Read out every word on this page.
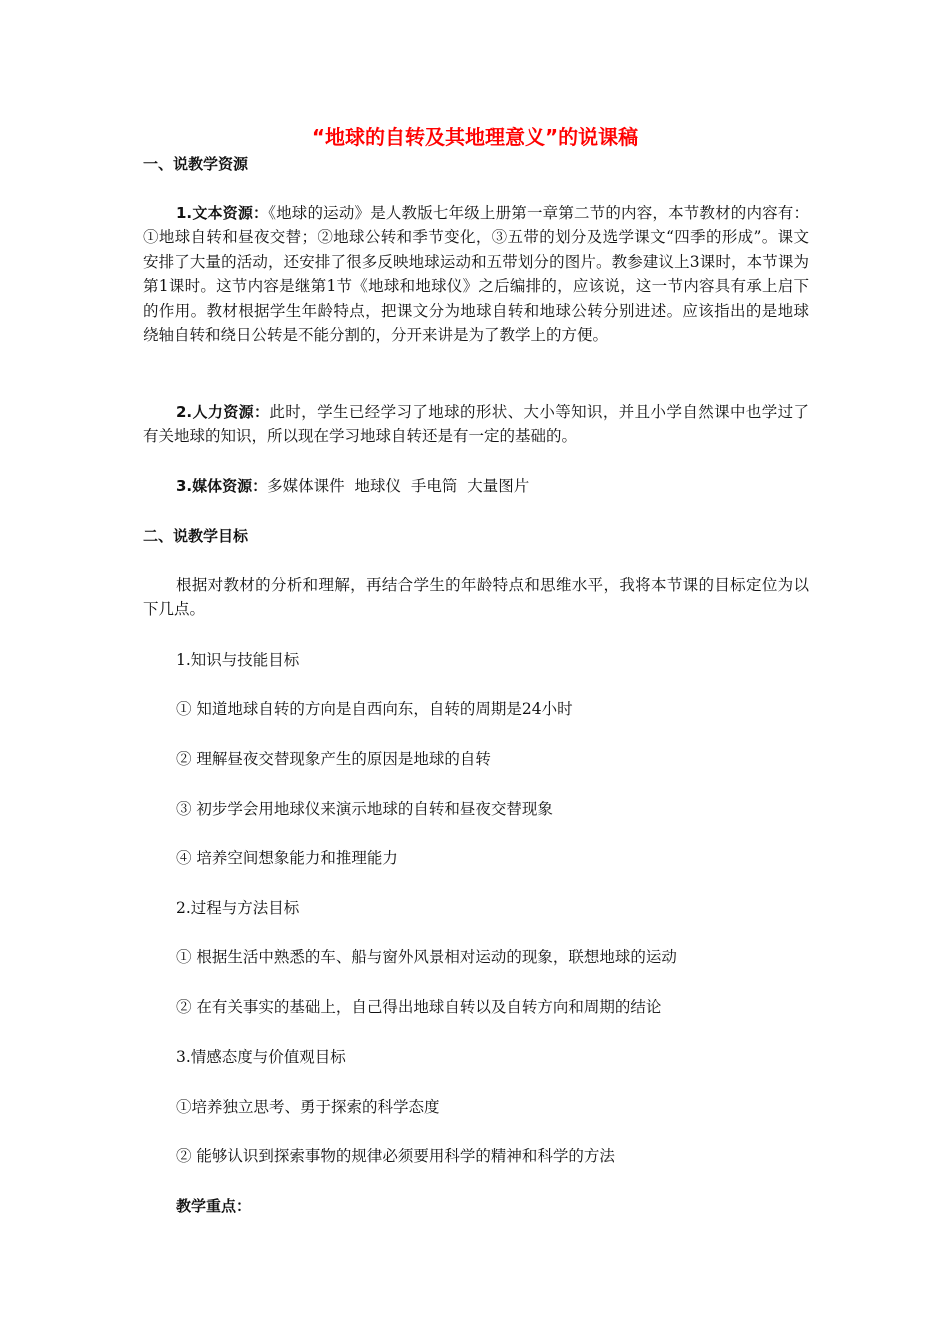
“地球的自转及其地理意义”的说课稿
一、说教学资源
1.文本资源：《地球的运动》是人教版七年级上册第一章第二节的内容，本节教材的内容有：①地球自转和昼夜交替；②地球公转和季节变化，③五带的划分及选学课文“四季的形成”。课文安排了大量的活动，还安排了很多反映地球运动和五带划分的图片。教参建议上3课时，本节课为第1课时。这节内容是继第1节《地球和地球仪》之后编排的，应该说，这一节内容具有承上启下的作用。教材根据学生年龄特点，把课文分为地球自转和地球公转分别进述。应该指出的是地球绕轴自转和绕日公转是不能分割的，分开来讲是为了教学上的方便。
2.人力资源：此时，学生已经学习了地球的形状、大小等知识，并且小学自然课中也学过了有关地球的知识，所以现在学习地球自转还是有一定的基础的。
3.媒体资源：多媒体课件  地球仪  手电筒  大量图片
二、说教学目标
根据对教材的分析和理解，再结合学生的年龄特点和思维水平，我将本节课的目标定位为以下几点。
1.知识与技能目标
① 知道地球自转的方向是自西向东，自转的周期是24小时
② 理解昼夜交替现象产生的原因是地球的自转
③ 初步学会用地球仪来演示地球的自转和昼夜交替现象
④ 培养空间想象能力和推理能力
2.过程与方法目标
① 根据生活中熟悉的车、船与窗外风景相对运动的现象，联想地球的运动
② 在有关事实的基础上，自己得出地球自转以及自转方向和周期的结论
3.情感态度与价值观目标
①培养独立思考、勇于探索的科学态度
② 能够认识到探索事物的规律必须要用科学的精神和科学的方法
教学重点：
